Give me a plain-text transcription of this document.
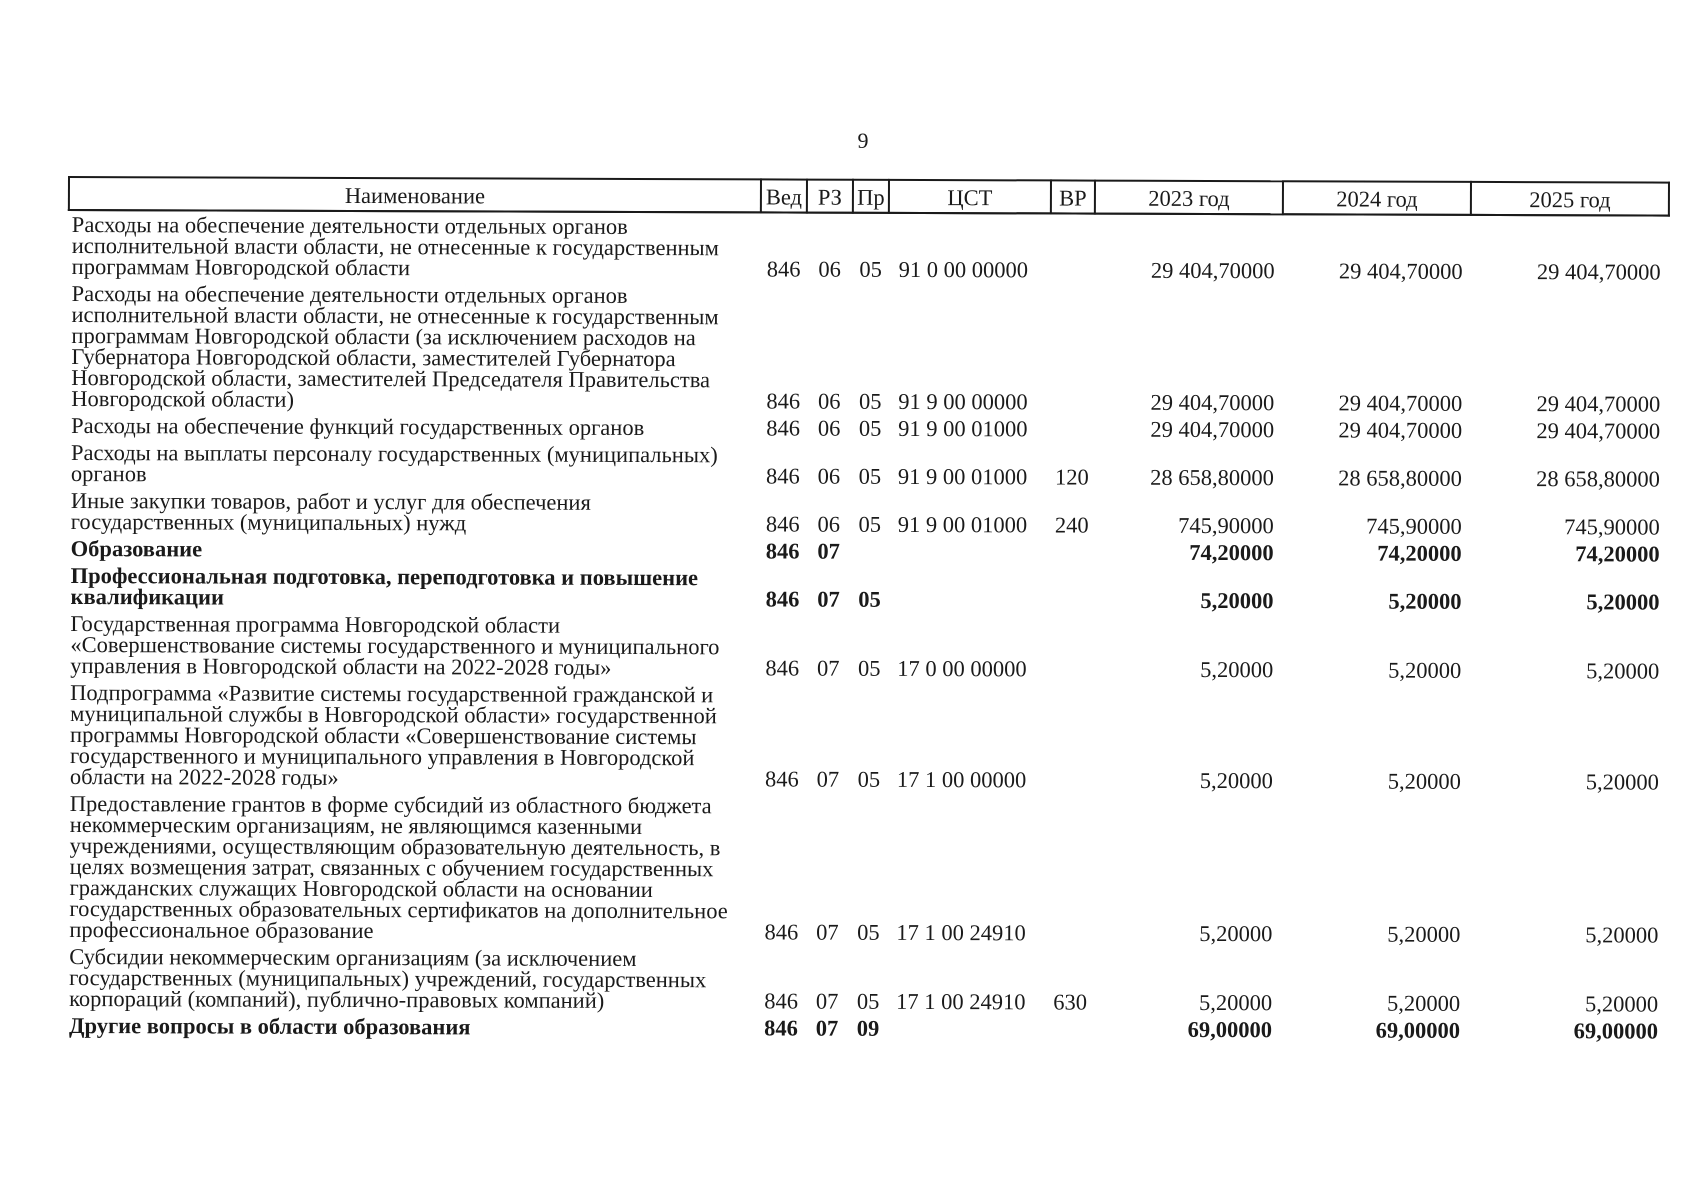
9
Наименование	Вед	РЗ	Пр	ЦСТ	ВР	2023 год	2024 год	2025 год
Расходы на обеспечение деятельности отдельных органов исполнительной власти области, не отнесенные к государственным программам Новгородской области	846	06	05	91 0 00 00000		29 404,70000	29 404,70000	29 404,70000
Расходы на обеспечение деятельности отдельных органов исполнительной власти области, не отнесенные к государственным программам Новгородской области (за исключением расходов на Губернатора Новгородской области, заместителей Губернатора Новгородской области, заместителей Председателя Правительства Новгородской области)	846	06	05	91 9 00 00000		29 404,70000	29 404,70000	29 404,70000
Расходы на обеспечение функций государственных органов	846	06	05	91 9 00 01000		29 404,70000	29 404,70000	29 404,70000
Расходы на выплаты персоналу государственных (муниципальных) органов	846	06	05	91 9 00 01000	120	28 658,80000	28 658,80000	28 658,80000
Иные закупки товаров, работ и услуг для обеспечения государственных (муниципальных) нужд	846	06	05	91 9 00 01000	240	745,90000	745,90000	745,90000
Образование	846	07				74,20000	74,20000	74,20000
Профессиональная подготовка, переподготовка и повышение квалификации	846	07	05			5,20000	5,20000	5,20000
Государственная программа Новгородской области «Совершенствование системы государственного и муниципального управления в Новгородской области на 2022-2028 годы»	846	07	05	17 0 00 00000		5,20000	5,20000	5,20000
Подпрограмма «Развитие системы государственной гражданской и муниципальной службы в Новгородской области» государственной программы Новгородской области «Совершенствование системы государственного и муниципального управления в Новгородской области на 2022-2028 годы»	846	07	05	17 1 00 00000		5,20000	5,20000	5,20000
Предоставление грантов в форме субсидий из областного бюджета некоммерческим организациям, не являющимся казенными учреждениями, осуществляющим образовательную деятельность, в целях возмещения затрат, связанных с обучением государственных гражданских служащих Новгородской области на основании государственных образовательных сертификатов на дополнительное профессиональное образование	846	07	05	17 1 00 24910		5,20000	5,20000	5,20000
Субсидии некоммерческим организациям (за исключением государственных (муниципальных) учреждений, государственных корпораций (компаний), публично-правовых компаний)	846	07	05	17 1 00 24910	630	5,20000	5,20000	5,20000
Другие вопросы в области образования	846	07	09			69,00000	69,00000	69,00000
